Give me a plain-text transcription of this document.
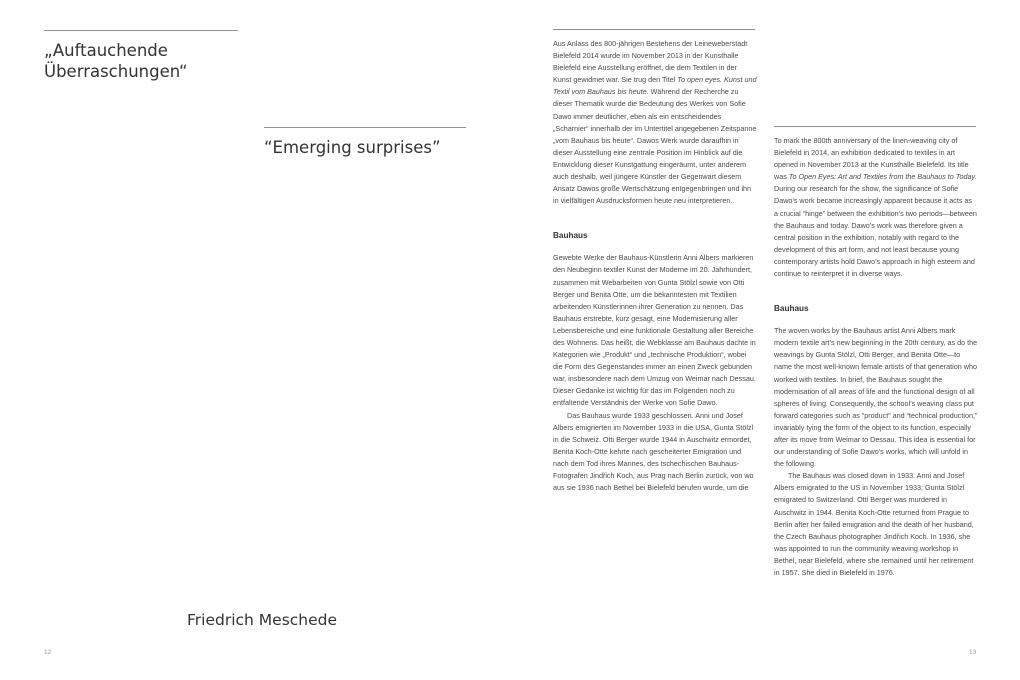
„Auftauchende Überraschungen“
“Emerging surprises”
Friedrich Meschede
12

Aus Anlass des 800-jährigen Bestehens der Leineweberstadt Bielefeld 2014 wurde im November 2013 in der Kunsthalle Bielefeld eine Ausstellung eröffnet, die dem Textilen in der Kunst gewidmet war. Sie trug den Titel To open eyes. Kunst und Textil vom Bauhaus bis heute. Während der Recherche zu dieser Thematik wurde die Bedeutung des Werkes von Sofie Dawo immer deutlicher, eben als ein entscheidendes „Scharnier“ innerhalb der im Untertitel angegebenen Zeitspanne „vom Bauhaus bis heute“. Dawos Werk wurde daraufhin in dieser Ausstellung eine zentrale Position im Hinblick auf die Entwicklung dieser Kunstgattung eingeräumt, unter anderem auch deshalb, weil jüngere Künstler der Gegenwart diesem Ansatz Dawos große Wertschätzung entgegenbringen und ihn in vielfältigen Ausdrucksformen heute neu interpretieren.

Bauhaus

Gewebte Werke der Bauhaus-Künstlerin Anni Albers markieren den Neubeginn textiler Kunst der Moderne im 20. Jahrhundert, zusammen mit Webarbeiten von Gunta Stölzl sowie von Otti Berger und Benita Otte, um die bekanntesten mit Textilien arbeitenden Künstlerinnen ihrer Generation zu nennen. Das Bauhaus erstrebte, kurz gesagt, eine Modernisierung aller Lebensbereiche und eine funktionale Gestaltung aller Bereiche des Wohnens. Das heißt, die Webklasse am Bauhaus dachte in Kategorien wie „Produkt“ und „technische Produktion“, wobei die Form des Gegenstandes immer an einen Zweck gebunden war, insbesondere nach dem Umzug von Weimar nach Dessau. Dieser Gedanke ist wichtig für das im Folgenden noch zu entfaltende Verständnis der Werke von Sofie Dawo.

Das Bauhaus wurde 1933 geschlossen. Anni und Josef Albers emigrierten im November 1933 in die USA, Gunta Stölzl in die Schweiz. Otti Berger wurde 1944 in Auschwitz ermordet, Benita Koch-Otte kehrte nach gescheiterter Emigration und nach dem Tod ihres Mannes, des tschechischen Bauhaus-Fotografen Jindřich Koch, aus Prag nach Berlin zurück, von wo aus sie 1936 nach Bethel bei Bielefeld berufen wurde, um die

To mark the 800th anniversary of the linen-weaving city of Bielefeld in 2014, an exhibition dedicated to textiles in art opened in November 2013 at the Kunsthalle Bielefeld. Its title was To Open Eyes: Art and Textiles from the Bauhaus to Today. During our research for the show, the significance of Sofie Dawo’s work became increasingly apparent because it acts as a crucial “hinge” between the exhibition’s two periods—between the Bauhaus and today. Dawo’s work was therefore given a central position in the exhibition, notably with regard to the development of this art form, and not least because young contemporary artists hold Dawo’s approach in high esteem and continue to reinterpret it in diverse ways.

Bauhaus

The woven works by the Bauhaus artist Anni Albers mark modern textile art’s new beginning in the 20th century, as do the weavings by Gunta Stölzl, Otti Berger, and Benita Otte—to name the most well-known female artists of that generation who worked with textiles. In brief, the Bauhaus sought the modernisation of all areas of life and the functional design of all spheres of living. Consequently, the school’s weaving class put forward categories such as “product” and “technical production,” invariably tying the form of the object to its function, especially after its move from Weimar to Dessau. This idea is essential for our understanding of Sofie Dawo’s works, which will unfold in the following.

The Bauhaus was closed down in 1933. Anni and Josef Albers emigrated to the US in November 1933; Gunta Stölzl emigrated to Switzerland. Otti Berger was murdered in Auschwitz in 1944. Benita Koch-Otte returned from Prague to Berlin after her failed emigration and the death of her husband, the Czech Bauhaus photographer Jindřich Koch. In 1936, she was appointed to run the community weaving workshop in Bethel, near Bielefeld, where she remained until her retirement in 1957. She died in Bielefeld in 1976.

13
